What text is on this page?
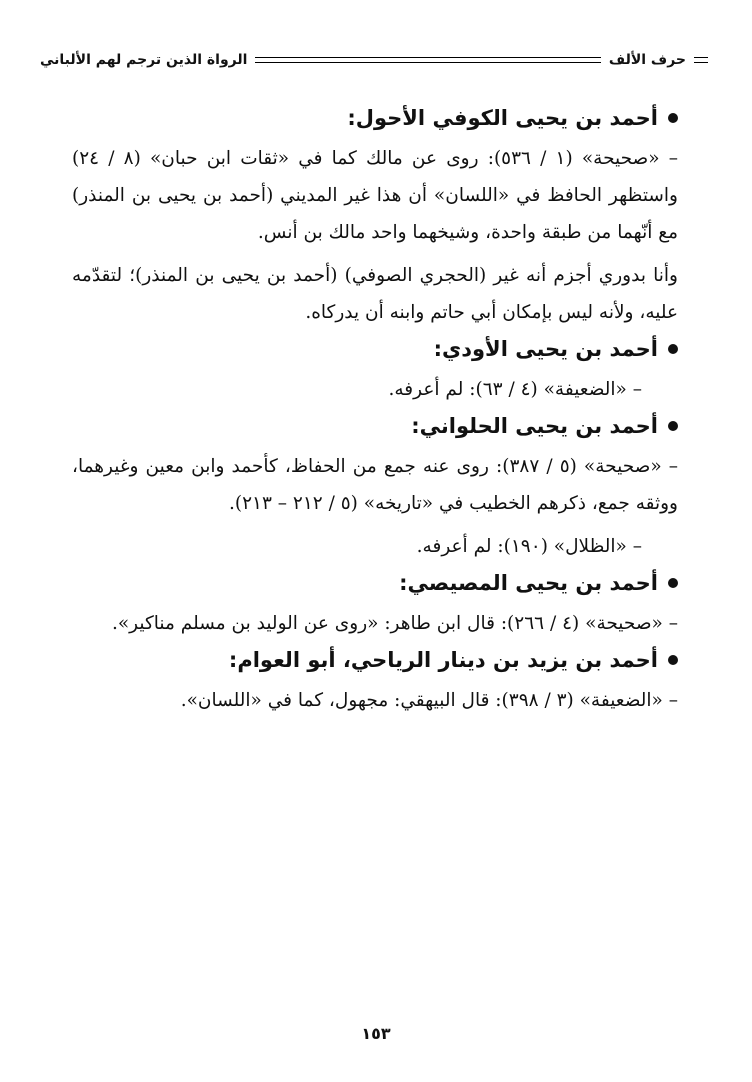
حرف الألف
الرواة الذين ترجم لهم الألباني
أحمد بن يحيى الكوفي الأحول:

– «صحيحة» (١ / ٥٣٦): روى عن مالك كما في «ثقات ابن حبان» (٨ / ٢٤) واستظهر الحافظ في «اللسان» أن هذا غير المديني (أحمد بن يحيى بن المنذر) مع أنّهما من طبقة واحدة، وشيخهما واحد مالك بن أنس.

وأنا بدوري أجزم أنه غير (الحجري الصوفي) (أحمد بن يحيى بن المنذر)؛ لتقدّمه عليه، ولأنه ليس بإمكان أبي حاتم وابنه أن يدركاه.

أحمد بن يحيى الأودي:

– «الضعيفة» (٤ / ٦٣): لم أعرفه.

أحمد بن يحيى الحلواني:

– «صحيحة» (٥ / ٣٨٧): روى عنه جمع من الحفاظ، كأحمد وابن معين وغيرهما، ووثقه جمع، ذكرهم الخطيب في «تاريخه» (٥ / ٢١٢ – ٢١٣).

– «الظلال» (١٩٠): لم أعرفه.

أحمد بن يحيى المصيصي:

– «صحيحة» (٤ / ٢٦٦): قال ابن طاهر: «روى عن الوليد بن مسلم مناكير».

أحمد بن يزيد بن دينار الرياحي، أبو العوام:

– «الضعيفة» (٣ / ٣٩٨): قال البيهقي: مجهول، كما في «اللسان».

١٥٣
